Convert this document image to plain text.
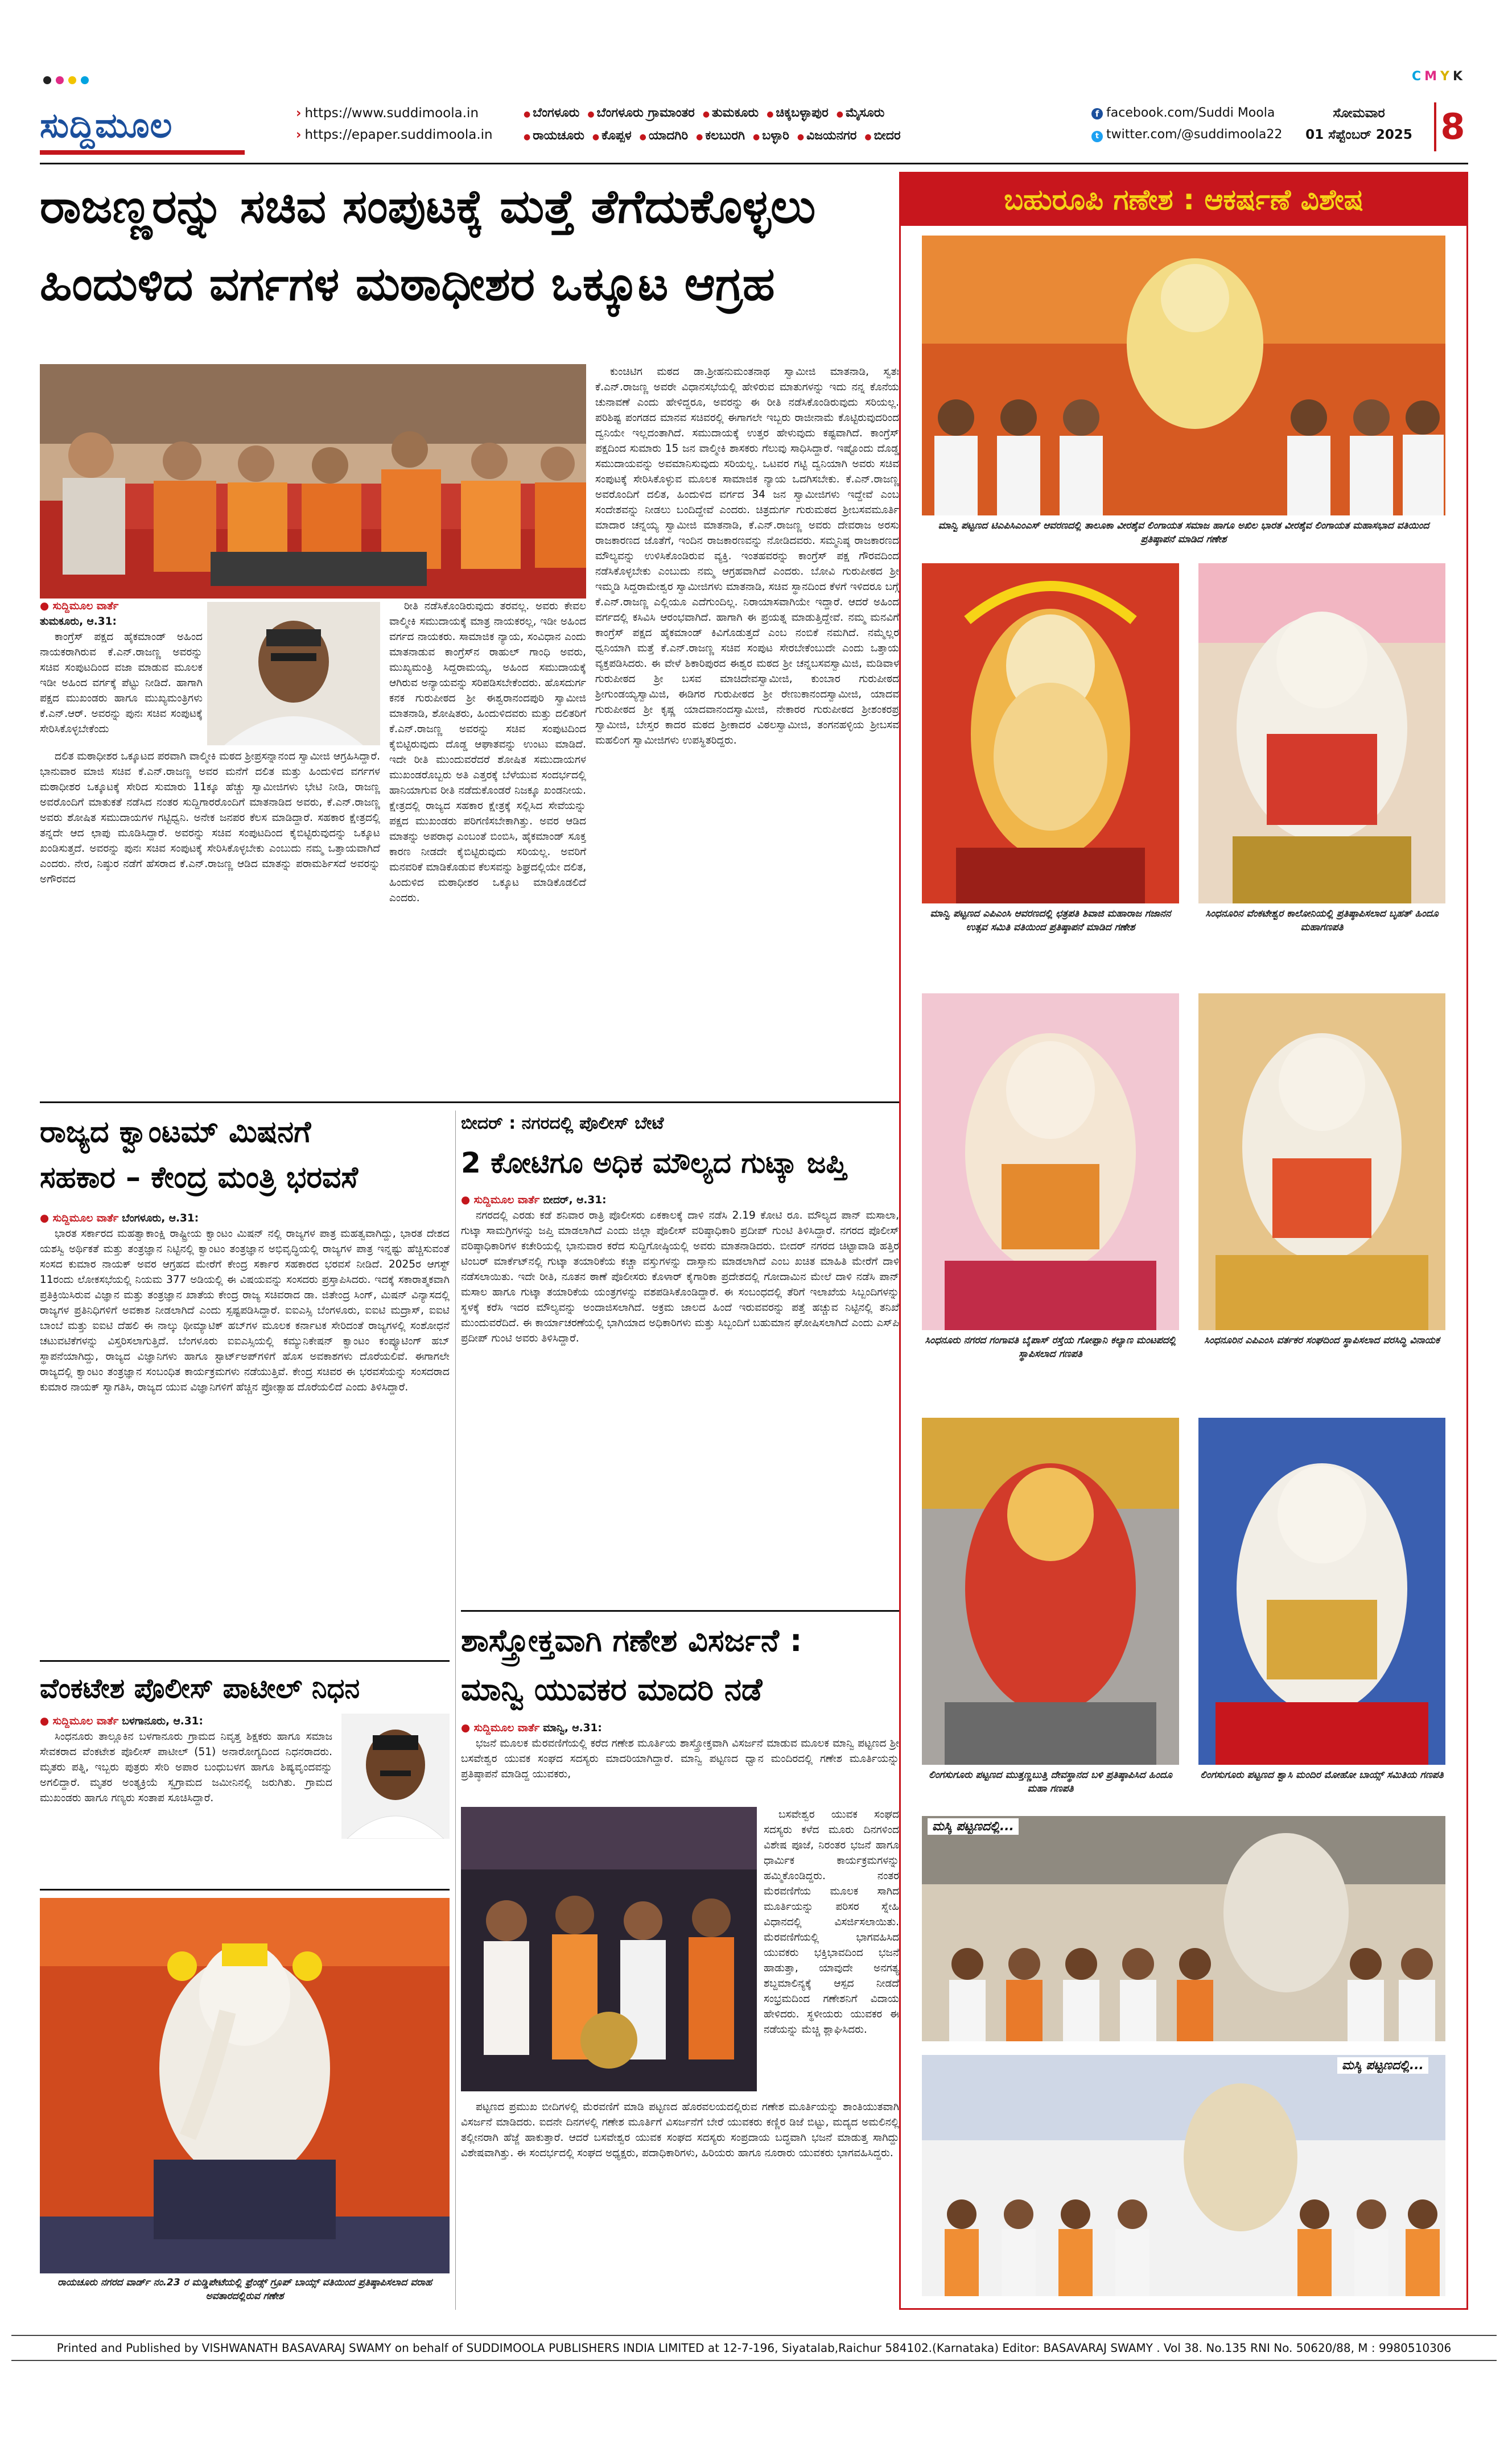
CMYK
ಸುದ್ದಿಮೂಲ	› https://www.suddimoola.in
› https://epaper.suddimoola.in
● ಬೆಂಗಳೂರು ● ಬೆಂಗಳೂರು ಗ್ರಾಮಾಂತರ ● ತುಮಕೂರು ● ಚಿಕ್ಕಬಳ್ಳಾಪುರ ● ಮೈಸೂರು
● ರಾಯಚೂರು ● ಕೊಪ್ಪಳ ● ಯಾದಗಿರಿ ● ಕಲಬುರಗಿ ● ಬಳ್ಳಾರಿ ● ವಿಜಯನಗರ ● ಬೀದರ
f facebook.com/Suddi Moola
t twitter.com/@suddimoola22
ಸೋಮವಾರ
01 ಸೆಪ್ಟೆಂಬರ್ 2025 8
ರಾಜಣ್ಣರನ್ನು ಸಚಿವ ಸಂಪುಟಕ್ಕೆ ಮತ್ತೆ ತೆಗೆದುಕೊಳ್ಳಲು
ಹಿಂದುಳಿದ ವರ್ಗಗಳ ಮಠಾಧೀಶರ ಒಕ್ಕೂಟ ಆಗ್ರಹ
● ಸುದ್ದಿಮೂಲ ವಾರ್ತೆ
ತುಮಕೂರು, ಆ.31:

ಕಾಂಗ್ರೆಸ್ ಪಕ್ಷದ ಹೈಕಮಾಂಡ್ ಅಹಿಂದ ನಾಯಕರಾಗಿರುವ ಕೆ.ಎನ್.ರಾಜಣ್ಣ ಅವರನ್ನು ಸಚಿವ ಸಂಪುಟದಿಂದ ವಜಾ ಮಾಡುವ ಮೂಲಕ ಇಡೀ ಅಹಿಂದ ವರ್ಗಕ್ಕೆ ಪೆಟ್ಟು ನೀಡಿದೆ. ಹಾಗಾಗಿ ಪಕ್ಷದ ಮುಖಂಡರು ಹಾಗೂ ಮುಖ್ಯಮಂತ್ರಿಗಳು ಕೆ.ಎನ್.ಆರ್. ಅವರನ್ನು ಪುನಃ ಸಚಿವ ಸಂಪುಟಕ್ಕೆ ಸೇರಿಸಿಕೊಳ್ಳಬೇಕೆಂದು

ದಲಿತ ಮಠಾಧೀಶರ ಒಕ್ಕೂಟದ ಪರವಾಗಿ ವಾಲ್ಮೀಕಿ ಮಠದ ಶ್ರೀಪ್ರಸನ್ನಾನಂದ ಸ್ವಾಮೀಜಿ ಆಗ್ರಹಿಸಿದ್ದಾರೆ. ಭಾನುವಾರ ಮಾಜಿ ಸಚಿವ ಕೆ.ಎನ್.ರಾಜಣ್ಣ ಅವರ ಮನೆಗೆ ದಲಿತ ಮತ್ತು ಹಿಂದುಳಿದ ವರ್ಗಗಳ ಮಠಾಧೀಶರ ಒಕ್ಕೂಟಕ್ಕೆ ಸೇರಿದ ಸುಮಾರು 11ಕ್ಕೂ ಹೆಚ್ಚು ಸ್ವಾಮೀಜಿಗಳು ಭೇಟಿ ನೀಡಿ, ರಾಜಣ್ಣ ಅವರೊಂದಿಗೆ ಮಾತುಕತೆ ನಡೆಸಿದ ನಂತರ ಸುದ್ದಿಗಾರರೊಂದಿಗೆ ಮಾತನಾಡಿದ ಅವರು, ಕೆ.ಎನ್.ರಾಜಣ್ಣ ಅವರು ಶೋಷಿತ ಸಮುದಾಯಗಳ ಗಟ್ಟಿಧ್ವನಿ. ಅನೇಕ ಜನಪರ ಕೆಲಸ ಮಾಡಿದ್ದಾರೆ. ಸಹಕಾರ ಕ್ಷೇತ್ರದಲ್ಲಿ ತನ್ನದೇ ಆದ ಛಾಪು ಮೂಡಿಸಿದ್ದಾರೆ. ಅವರನ್ನು ಸಚಿವ ಸಂಪುಟದಿಂದ ಕೈಬಿಟ್ಟಿರುವುದನ್ನು ಒಕ್ಕೂಟ ಖಂಡಿಸುತ್ತದೆ. ಅವರನ್ನು ಪುನಃ ಸಚಿವ ಸಂಪುಟಕ್ಕೆ ಸೇರಿಸಿಕೊಳ್ಳಬೇಕು ಎಂಬುದು ನಮ್ಮ ಒತ್ತಾಯವಾಗಿದೆ ಎಂದರು. ನೇರ, ನಿಷ್ಠುರ ನಡೆಗೆ ಹೆಸರಾದ ಕೆ.ಎನ್.ರಾಜಣ್ಣ ಆಡಿದ ಮಾತನ್ನು ಪರಾಮರ್ಶಿಸದೆ ಅವರನ್ನು ಅಗೌರವದ

ರೀತಿ ನಡೆಸಿಕೊಂಡಿರುವುದು ತರವಲ್ಲ. ಅವರು ಕೇವಲ ವಾಲ್ಮೀಕಿ ಸಮುದಾಯಕ್ಕೆ ಮಾತ್ರ ನಾಯಕರಲ್ಲ, ಇಡೀ ಅಹಿಂದ ವರ್ಗದ ನಾಯಕರು. ಸಾಮಾಜಿಕ ನ್ಯಾಯ, ಸಂವಿಧಾನ ಎಂದು ಮಾತನಾಡುವ ಕಾಂಗ್ರೆಸ್‌ನ ರಾಹುಲ್ ಗಾಂಧಿ ಅವರು, ಮುಖ್ಯಮಂತ್ರಿ ಸಿದ್ದರಾಮಯ್ಯ, ಅಹಿಂದ ಸಮುದಾಯಕ್ಕೆ ಆಗಿರುವ ಅನ್ಯಾಯವನ್ನು ಸರಿಪಡಿಸಬೇಕೆಂದರು. ಹೊಸದುರ್ಗ ಕನಕ ಗುರುಪೀಠದ ಶ್ರೀ ಈಶ್ವರಾನಂದಪುರಿ ಸ್ವಾಮೀಜಿ ಮಾತನಾಡಿ, ಶೋಷಿತರು, ಹಿಂದುಳಿದವರು ಮತ್ತು ದಲಿತರಿಗೆ ಕೆ.ಎನ್.ರಾಜಣ್ಣ ಅವರನ್ನು ಸಚಿವ ಸಂಪುಟದಿಂದ ಕೈಬಿಟ್ಟಿರುವುದು ದೊಡ್ಡ ಆಘಾತವನ್ನು ಉಂಟು ಮಾಡಿದೆ. ಇದೇ ರೀತಿ ಮುಂದುವರೆದರೆ ಶೋಷಿತ ಸಮುದಾಯಗಳ ಮುಖಂಡರೊಬ್ಬರು ಅತಿ ಎತ್ತರಕ್ಕೆ ಬೆಳೆಯುವ ಸಂದರ್ಭದಲ್ಲಿ ಹಾನಿಯಾಗುವ ರೀತಿ ನಡೆದುಕೊಂಡರೆ ನಿಜಕ್ಕೂ ಖಂಡನೀಯ. ಕ್ಷೇತ್ರದಲ್ಲಿ ರಾಜ್ಯದ ಸಹಕಾರ ಕ್ಷೇತ್ರಕ್ಕೆ ಸಲ್ಲಿಸಿದ ಸೇವೆಯನ್ನು ಪಕ್ಷದ ಮುಖಂಡರು ಪರಿಗಣಿಸಬೇಕಾಗಿತ್ತು. ಅವರ ಆಡಿದ ಮಾತನ್ನು ಅಪರಾಧ ಎಂಬಂತೆ ಬಿಂಬಿಸಿ, ಹೈಕಮಾಂಡ್ ಸೂಕ್ತ ಕಾರಣ ನೀಡದೇ ಕೈಬಿಟ್ಟಿರುವುದು ಸರಿಯಲ್ಲ. ಅವರಿಗೆ ಮನವರಿಕೆ ಮಾಡಿಕೊಡುವ ಕೆಲಸವನ್ನು ಶಿಘ್ರದಲ್ಲಿಯೇ ದಲಿತ, ಹಿಂದುಳಿದ ಮಠಾಧೀಶರ ಒಕ್ಕೂಟ ಮಾಡಿಕೊಡಲಿದೆ ಎಂದರು.

ಕುಂಚಿಟಿಗ ಮಠದ ಡಾ.ಶ್ರೀಹನುಮಂತನಾಥ ಸ್ವಾಮೀಜಿ ಮಾತನಾಡಿ, ಸ್ವತಃ ಕೆ.ಎನ್.ರಾಜಣ್ಣ ಅವರೇ ವಿಧಾನಸಭೆಯಲ್ಲಿ ಹೇಳಿರುವ ಮಾತುಗಳನ್ನು ಇದು ನನ್ನ ಕೊನೆಯ ಚುನಾವಣೆ ಎಂದು ಹೇಳಿದ್ದರೂ, ಅವರನ್ನು ಈ ರೀತಿ ನಡೆಸಿಕೊಂಡಿರುವುದು ಸರಿಯಲ್ಲ. ಪರಿಶಿಷ್ಟ ಪಂಗಡದ ಮಾನವ ಸಚಿವರಲ್ಲಿ ಈಗಾಗಲೇ ಇಬ್ಬರು ರಾಜೀನಾಮೆ ಕೊಟ್ಟಿರುವುದರಿಂದ ದ್ವನಿಯೇ ಇಲ್ಲದಂತಾಗಿದೆ. ಸಮುದಾಯಕ್ಕೆ ಉತ್ತರ ಹೇಳುವುದು ಕಷ್ಟವಾಗಿದೆ. ಕಾಂಗ್ರೆಸ್ ಪಕ್ಷದಿಂದ ಸುಮಾರು 15 ಜನ ವಾಲ್ಮೀಕಿ ಶಾಸಕರು ಗೆಲುವು ಸಾಧಿಸಿದ್ದಾರೆ. ಇಷ್ಟೊಂದು ದೊಡ್ಡ ಸಮುದಾಯವನ್ನು ಅವಮಾನಿಸುವುದು ಸರಿಯಲ್ಲ. ಒಟವರ ಗಟ್ಟಿ ದ್ವನಿಯಾಗಿ ಅವರು ಸಚಿವ ಸಂಪುಟಕ್ಕೆ ಸೇರಿಸಿಕೊಳ್ಳುವ ಮೂಲಕ ಸಾಮಾಜಿಕ ನ್ಯಾಯ ಒದಗಿಸಬೇಕು. ಕೆ.ಎನ್.ರಾಜಣ್ಣ ಅವರೊಂದಿಗೆ ದಲಿತ, ಹಿಂದುಳಿದ ವರ್ಗದ 34 ಜನ ಸ್ವಾಮೀಜಿಗಳು ಇದ್ದೇವೆ ಎಂಬ ಸಂದೇಶವನ್ನು ನೀಡಲು ಬಂದಿದ್ದೇವೆ ಎಂದರು. ಚಿತ್ರದುರ್ಗ ಗುರುಮಠದ ಶ್ರೀಬಸವಮೂರ್ತಿ ಮಾದಾರ ಚನ್ನಯ್ಯ ಸ್ವಾಮೀಜಿ ಮಾತನಾಡಿ, ಕೆ.ಎನ್.ರಾಜಣ್ಣ ಅವರು ದೇವರಾಜ ಅರಸು ರಾಜಕಾರಣದ ಜೊತೆಗೆ, ಇಂದಿನ ರಾಜಕಾರಣವನ್ನು ನೋಡಿದವರು. ಸಮ್ಮನಿಷ್ಠ ರಾಜಕಾರಣದ ಮೌಲ್ಯವನ್ನು ಉಳಿಸಿಕೊಂಡಿರುವ ವ್ಯಕ್ತಿ. ಇಂತಹವರನ್ನು ಕಾಂಗ್ರೆಸ್ ಪಕ್ಷ ಗೌರವದಿಂದ ನಡೆಸಿಕೊಳ್ಳಬೇಕು ಎಂಬುದು ನಮ್ಮ ಆಗ್ರಹವಾಗಿದೆ ಎಂದರು. ಬೋವಿ ಗುರುಪೀಠದ ಶ್ರೀ ಇಮ್ಮಡಿ ಸಿದ್ದರಾಮೇಶ್ವರ ಸ್ವಾಮೀಜಿಗಳು ಮಾತನಾಡಿ, ಸಚಿವ ಸ್ಥಾನದಿಂದ ಕೆಳಗೆ ಇಳಿದರೂ ಬಗ್ಗೆ ಕೆ.ಎನ್.ರಾಜಣ್ಣ ಎಲ್ಲಿಯೂ ಎದೆಗುಂದಿಲ್ಲ. ನಿರಾಯಾಸವಾಗಿಯೇ ಇದ್ದಾರೆ. ಆದರೆ ಅಹಿಂದ ವರ್ಗದಲ್ಲಿ ಕಸಿವಿಸಿ ಆರಂಭವಾಗಿದೆ. ಹಾಗಾಗಿ ಈ ಪ್ರಯತ್ನ ಮಾಡುತ್ತಿದ್ದೇವೆ. ನಮ್ಮ ಮನವಿಗೆ ಕಾಂಗ್ರೆಸ್ ಪಕ್ಷದ ಹೈಕಮಾಂಡ್ ಕಿವಿಗೊಡುತ್ತದೆ ಎಂಬ ನಂಬಿಕೆ ನಮಗಿದೆ. ನಮ್ಮೆಲ್ಲರ ಧ್ವನಿಯಾಗಿ ಮತ್ತೆ ಕೆ.ಎನ್.ರಾಜಣ್ಣ ಸಚಿವ ಸಂಪುಟ ಸೇರಬೇಕೆಂಬುದೇ ಎಂದು ಒತ್ತಾಯ ವ್ಯಕ್ತಪಡಿಸಿದರು. ಈ ವೇಳೆ ಶಿಕಾರಿಪುರದ ಈಶ್ವರ ಮಠದ ಶ್ರೀ ಚನ್ನಬಸವಸ್ವಾಮಿಜಿ, ಮಡಿವಾಳ ಗುರುಪೀಠದ ಶ್ರೀ ಬಸವ ಮಾಚಿದೇವಸ್ವಾಮೀಜಿ, ಕುಂಬಾರ ಗುರುಪೀಠದ ಶ್ರೀಗುಂಡಯ್ಯಸ್ವಾಮಿಜಿ, ಈಡಿಗರ ಗುರುಪೀಠದ ಶ್ರೀ ರೇಣುಕಾನಂದಸ್ವಾಮೀಜಿ, ಯಾದವ ಗುರುಪೀಠದ ಶ್ರೀ ಕೃಷ್ಣ ಯಾದವಾನಂದಸ್ವಾಮೀಜಿ, ನೇಕಾರರ ಗುರುಪೀಠದ ಶ್ರೀಶಂಕರಪ್ರ ಸ್ವಾಮೀಜಿ, ಬೇಸ್ತರ ಕಾದರ ಮಠದ ಶ್ರೀಕಾದರ ವಿಠಲಸ್ವಾಮೀಜಿ, ತಂಗನಹಳ್ಳಿಯ ಶ್ರೀಬಸವ ಮಹಲಿಂಗ ಸ್ವಾಮೀಜಿಗಳು ಉಪಸ್ಥಿತರಿದ್ದರು.

ರಾಜ್ಯದ ಕ್ವಾಂಟಮ್ ಮಿಷನಗೆ
ಸಹಕಾರ – ಕೇಂದ್ರ ಮಂತ್ರಿ ಭರವಸೆ
● ಸುದ್ದಿಮೂಲ ವಾರ್ತೆ ಬೆಂಗಳೂರು, ಆ.31:

ಭಾರತ ಸರ್ಕಾರದ ಮಹತ್ವಾಕಾಂಕ್ಷಿ ರಾಷ್ಟ್ರೀಯ ಕ್ವಾಂಟಂ ಮಿಷನ್ ನಲ್ಲಿ ರಾಜ್ಯಗಳ ಪಾತ್ರ ಮಹತ್ವವಾಗಿದ್ದು, ಭಾರತ ದೇಶದ ಯಶಸ್ವಿ ಅರ್ಥಿಕತೆ ಮತ್ತು ತಂತ್ರಜ್ಞಾನ ನಿಟ್ಟಿನಲ್ಲಿ ಕ್ವಾಂಟಂ ತಂತ್ರಜ್ಞಾನ ಅಭಿವೃದ್ಧಿಯಲ್ಲಿ ರಾಜ್ಯಗಳ ಪಾತ್ರ ಇನ್ನಷ್ಟು ಹೆಚ್ಚಿಸುವಂತೆ ಸಂಸದ ಕುಮಾರ ನಾಯಕ್ ಅವರ ಆಗ್ರಹದ ಮೇರೆಗೆ ಕೇಂದ್ರ ಸರ್ಕಾರ ಸಹಕಾರದ ಭರವಸೆ ನೀಡಿದೆ. 2025ರ ಆಗಸ್ಟ್ 11ರಂದು ಲೋಕಸಭೆಯಲ್ಲಿ ನಿಯಮ 377 ಅಡಿಯಲ್ಲಿ ಈ ವಿಷಯವನ್ನು ಸಂಸದರು ಪ್ರಸ್ತಾಪಿಸಿದರು. ಇದಕ್ಕೆ ಸಕಾರಾತ್ಮಕವಾಗಿ ಪ್ರತಿಕ್ರಿಯಿಸಿರುವ ವಿಜ್ಞಾನ ಮತ್ತು ತಂತ್ರಜ್ಞಾನ ಖಾತೆಯ ಕೇಂದ್ರ ರಾಜ್ಯ ಸಚಿವರಾದ ಡಾ. ಜಿತೇಂದ್ರ ಸಿಂಗ್, ಮಿಷನ್ ವಿನ್ಯಾಸದಲ್ಲಿ ರಾಜ್ಯಗಳ ಪ್ರತಿನಿಧಿಗಳಿಗೆ ಅವಕಾಶ ನೀಡಲಾಗಿದೆ ಎಂದು ಸ್ಪಷ್ಟಪಡಿಸಿದ್ದಾರೆ. ಐಐಎಸ್ಸಿ ಬೆಂಗಳೂರು, ಐಐಟಿ ಮದ್ರಾಸ್, ಐಐಟಿ ಬಾಂಬೆ ಮತ್ತು ಐಐಟಿ ದೆಹಲಿ ಈ ನಾಲ್ಕು ಥೀಮ್ಯಾಟಿಕ್ ಹಬ್‌ಗಳ ಮೂಲಕ ಕರ್ನಾಟಕ ಸೇರಿದಂತೆ ರಾಜ್ಯಗಳಲ್ಲಿ ಸಂಶೋಧನೆ ಚಟುವಟಿಕೆಗಳನ್ನು ವಿಸ್ತರಿಸಲಾಗುತ್ತಿದೆ. ಬೆಂಗಳೂರು ಐಐಎಸ್ಸಿಯಲ್ಲಿ ಕಮ್ಯುನಿಕೇಷನ್ ಕ್ವಾಂಟಂ ಕಂಪ್ಯೂಟಿಂಗ್ ಹಬ್ ಸ್ಥಾಪನೆಯಾಗಿದ್ದು, ರಾಜ್ಯದ ವಿಜ್ಞಾನಿಗಳು ಹಾಗೂ ಸ್ಟಾರ್ಟ್‌ಅಪ್‌ಗಳಿಗೆ ಹೊಸ ಅವಕಾಶಗಳು ದೊರೆಯಲಿವೆ. ಈಗಾಗಲೇ ರಾಜ್ಯದಲ್ಲಿ ಕ್ವಾಂಟಂ ತಂತ್ರಜ್ಞಾನ ಸಂಬಂಧಿತ ಕಾರ್ಯಕ್ರಮಗಳು ನಡೆಯುತ್ತಿವೆ. ಕೇಂದ್ರ ಸಚಿವರ ಈ ಭರವಸೆಯನ್ನು ಸಂಸದರಾದ ಕುಮಾರ ನಾಯಕ್ ಸ್ವಾಗತಿಸಿ, ರಾಜ್ಯದ ಯುವ ವಿಜ್ಞಾನಿಗಳಿಗೆ ಹೆಚ್ಚಿನ ಪ್ರೋತ್ಸಾಹ ದೊರೆಯಲಿದೆ ಎಂದು ತಿಳಿಸಿದ್ದಾರೆ.

ವೆಂಕಟೇಶ ಪೊಲೀಸ್ ಪಾಟೀಲ್ ನಿಧನ
● ಸುದ್ದಿಮೂಲ ವಾರ್ತೆ ಬಳಗಾನೂರು, ಆ.31:

ಸಿಂಧನೂರು ತಾಲ್ಲೂಕಿನ ಬಳಗಾನೂರು ಗ್ರಾಮದ ನಿವೃತ್ತ ಶಿಕ್ಷಕರು ಹಾಗೂ ಸಮಾಜ ಸೇವಕರಾದ ವೆಂಕಟೇಶ ಪೊಲೀಸ್ ಪಾಟೀಲ್ (51) ಅನಾರೋಗ್ಯದಿಂದ ನಿಧನರಾದರು. ಮೃತರು ಪತ್ನಿ, ಇಬ್ಬರು ಪುತ್ರರು ಸೇರಿ ಅಪಾರ ಬಂಧುಬಳಗ ಹಾಗೂ ಶಿಷ್ಯವೃಂದವನ್ನು ಅಗಲಿದ್ದಾರೆ. ಮೃತರ ಅಂತ್ಯಕ್ರಿಯೆ ಸ್ವಗ್ರಾಮದ ಜಮೀನಿನಲ್ಲಿ ಜರುಗಿತು. ಗ್ರಾಮದ ಮುಖಂಡರು ಹಾಗೂ ಗಣ್ಯರು ಸಂತಾಪ ಸೂಚಿಸಿದ್ದಾರೆ.

ರಾಯಚೂರು ನಗರದ ವಾರ್ಡ್ ನಂ.23 ರ ಮಡ್ಡಿಪೇಟೆಯಲ್ಲಿ ಫ್ರೆಂಡ್ಸ್ ಗ್ರೂಪ್ ಬಾಯ್ಸ್ ವತಿಯಿಂದ ಪ್ರತಿಷ್ಠಾಪಿಸಲಾದ ವರಾಹ ಅವತಾರದಲ್ಲಿರುವ ಗಣೇಶ
ಬೀದರ್ : ನಗರದಲ್ಲಿ ಪೊಲೀಸ್ ಬೇಟೆ
2 ಕೋಟಿಗೂ ಅಧಿಕ ಮೌಲ್ಯದ ಗುಟ್ಕಾ ಜಪ್ತಿ
● ಸುದ್ದಿಮೂಲ ವಾರ್ತೆ ಬೀದರ್, ಆ.31:

ನಗರದಲ್ಲಿ ಎರಡು ಕಡೆ ಶನಿವಾರ ರಾತ್ರಿ ಪೊಲೀಸರು ಏಕಕಾಲಕ್ಕೆ ದಾಳಿ ನಡೆಸಿ 2.19 ಕೋಟಿ ರೂ. ಮೌಲ್ಯದ ಪಾನ್ ಮಸಾಲಾ, ಗುಟ್ಕಾ ಸಾಮಗ್ರಿಗಳನ್ನು ಜಪ್ತಿ ಮಾಡಲಾಗಿದೆ ಎಂದು ಜಿಲ್ಲಾ ಪೊಲೀಸ್ ವರಿಷ್ಠಾಧಿಕಾರಿ ಪ್ರದೀಪ್ ಗುಂಟಿ ತಿಳಿಸಿದ್ದಾರೆ. ನಗರದ ಪೊಲೀಸ್ ವರಿಷ್ಠಾಧಿಕಾರಿಗಳ ಕಚೇರಿಯಲ್ಲಿ ಭಾನುವಾರ ಕರೆದ ಸುದ್ದಿಗೋಷ್ಠಿಯಲ್ಲಿ ಅವರು ಮಾತನಾಡಿದರು. ಬೀದರ್ ನಗರದ ಚಿಟ್ಟಾವಾಡಿ ಹತ್ತಿರ ಟಿಂಬರ್ ಮಾರ್ಕೆಟ್‌ನಲ್ಲಿ ಗುಟ್ಕಾ ತಯಾರಿಕೆಯ ಕಚ್ಚಾ ವಸ್ತುಗಳನ್ನು ದಾಸ್ತಾನು ಮಾಡಲಾಗಿದೆ ಎಂಬ ಖಚಿತ ಮಾಹಿತಿ ಮೇರೆಗೆ ದಾಳಿ ನಡೆಸಲಾಯಿತು. ಇದೇ ರೀತಿ, ನೂತನ ಠಾಣೆ ಪೊಲೀಸರು ಕೊಳಾರ್ ಕೈಗಾರಿಕಾ ಪ್ರದೇಶದಲ್ಲಿ ಗೋದಾಮಿನ ಮೇಲೆ ದಾಳಿ ನಡೆಸಿ ಪಾನ್ ಮಸಾಲ ಹಾಗೂ ಗುಟ್ಕಾ ತಯಾರಿಕೆಯ ಯಂತ್ರಗಳನ್ನು ವಶಪಡಿಸಿಕೊಂಡಿದ್ದಾರೆ. ಈ ಸಂಬಂಧದಲ್ಲಿ ತೆರಿಗೆ ಇಲಾಖೆಯ ಸಿಬ್ಬಂದಿಗಳನ್ನು ಸ್ಥಳಕ್ಕೆ ಕರೆಸಿ ಇದರ ಮೌಲ್ಯವನ್ನು ಅಂದಾಜಿಸಲಾಗಿದೆ. ಅಕ್ರಮ ಜಾಲದ ಹಿಂದೆ ಇರುವವರನ್ನು ಪತ್ತೆ ಹಚ್ಚುವ ನಿಟ್ಟಿನಲ್ಲಿ ತನಿಖೆ ಮುಂದುವರೆದಿದೆ. ಈ ಕಾರ್ಯಾಚರಣೆಯಲ್ಲಿ ಭಾಗಿಯಾದ ಅಧಿಕಾರಿಗಳು ಮತ್ತು ಸಿಬ್ಬಂದಿಗೆ ಬಹುಮಾನ ಘೋಷಿಸಲಾಗಿದೆ ಎಂದು ಎಸ್‌ಪಿ ಪ್ರದೀಪ್ ಗುಂಟಿ ಅವರು ತಿಳಿಸಿದ್ದಾರೆ.

ಶಾಸ್ತ್ರೋಕ್ತವಾಗಿ ಗಣೇಶ ವಿಸರ್ಜನೆ :
ಮಾನ್ವಿ ಯುವಕರ ಮಾದರಿ ನಡೆ
● ಸುದ್ದಿಮೂಲ ವಾರ್ತೆ ಮಾನ್ವಿ, ಆ.31:

ಭಜನೆ ಮೂಲಕ ಮೆರವಣಿಗೆಯಲ್ಲಿ ಕರೆದ ಗಣೇಶ ಮೂರ್ತಿಯ ಶಾಸ್ತ್ರೋಕ್ತವಾಗಿ ವಿಸರ್ಜನೆ ಮಾಡುವ ಮೂಲಕ ಮಾನ್ವಿ ಪಟ್ಟಣದ ಶ್ರೀ ಬಸವೇಶ್ವರ ಯುವಕ ಸಂಘದ ಸದಸ್ಯರು ಮಾದರಿಯಾಗಿದ್ದಾರೆ. ಮಾನ್ವಿ ಪಟ್ಟಣದ ಧ್ವಾನ ಮಂದಿರದಲ್ಲಿ ಗಣೇಶ ಮೂರ್ತಿಯನ್ನು ಪ್ರತಿಷ್ಠಾಪನೆ ಮಾಡಿದ್ದ ಯುವಕರು,

ಬಸವೇಶ್ವರ ಯುವಕ ಸಂಘದ ಸದಸ್ಯರು ಕಳೆದ ಮೂರು ದಿನಗಳಿಂದ ವಿಶೇಷ ಪೂಜೆ, ನಿರಂತರ ಭಜನೆ ಹಾಗೂ ಧಾರ್ಮಿಕ ಕಾರ್ಯಕ್ರಮಗಳನ್ನು ಹಮ್ಮಿಕೊಂಡಿದ್ದರು. ನಂತರ ಮೆರವಣಿಗೆಯ ಮೂಲಕ ಸಾಗಿದ ಮೂರ್ತಿಯನ್ನು ಪರಿಸರ ಸ್ನೇಹಿ ವಿಧಾನದಲ್ಲಿ ವಿಸರ್ಜಿಸಲಾಯಿತು. ಮೆರವಣಿಗೆಯಲ್ಲಿ ಭಾಗವಹಿಸಿದ ಯುವಕರು ಭಕ್ತಿಭಾವದಿಂದ ಭಜನೆ ಹಾಡುತ್ತಾ, ಯಾವುದೇ ಅನಗತ್ಯ ಶಬ್ದಮಾಲಿನ್ಯಕ್ಕೆ ಆಸ್ಪದ ನೀಡದೆ ಸಂಭ್ರಮದಿಂದ ಗಣೇಶನಿಗೆ ವಿದಾಯ ಹೇಳಿದರು. ಸ್ಥಳೀಯರು ಯುವಕರ ಈ ನಡೆಯನ್ನು ಮೆಚ್ಚಿ ಶ್ಲಾಘಿಸಿದರು.

ಪಟ್ಟಣದ ಪ್ರಮುಖ ಬೀದಿಗಳಲ್ಲಿ ಮೆರವಣಿಗೆ ಮಾಡಿ ಪಟ್ಟಣದ ಹೊರವಲಯದಲ್ಲಿರುವ ಗಣೇಶ ಮೂರ್ತಿಯನ್ನು ಶಾಂತಿಯುತವಾಗಿ ವಿಸರ್ಜನೆ ಮಾಡಿದರು. ಐದನೇ ದಿನಗಳಲ್ಲಿ ಗಣೇಶ ಮೂರ್ತಿಗೆ ವಿಸರ್ಜನೆಗೆ ಬೇರೆ ಯುವಕರು ಕಣ್ಣಿರ ಡಿಜೆ ಬಿಟ್ಟು, ಮದ್ಯದ ಅಮಲಿನಲ್ಲಿ ತಲ್ಲೀನರಾಗಿ ಹೆಜ್ಜೆ ಹಾಕುತ್ತಾರೆ. ಆದರೆ ಬಸವೇಶ್ವರ ಯುವಕ ಸಂಘದ ಸದಸ್ಯರು ಸಂಪ್ರದಾಯ ಬದ್ಧವಾಗಿ ಭಜನೆ ಮಾಡುತ್ತ ಸಾಗಿದ್ದು ವಿಶೇಷವಾಗಿತ್ತು. ಈ ಸಂದರ್ಭದಲ್ಲಿ ಸಂಘದ ಅಧ್ಯಕ್ಷರು, ಪದಾಧಿಕಾರಿಗಳು, ಹಿರಿಯರು ಹಾಗೂ ನೂರಾರು ಯುವಕರು ಭಾಗವಹಿಸಿದ್ದರು.

ಬಹುರೂಪಿ ಗಣೇಶ : ಆಕರ್ಷಣೆ ವಿಶೇಷ
ಮಾನ್ವಿ ಪಟ್ಟಣದ ಟಿಎಪಿಸಿಎಂಎಸ್ ಆವರಣದಲ್ಲಿ ತಾಲೂಕಾ ವೀರಶೈವ ಲಿಂಗಾಯತ ಸಮಾಜ ಹಾಗೂ ಅಖಿಲ ಭಾರತ ವೀರಶೈವ ಲಿಂಗಾಯತ ಮಹಾಸಭಾದ ವತಿಯಿಂದ ಪ್ರತಿಷ್ಠಾಪನೆ ಮಾಡಿದ ಗಣೇಶ
ಮಾನ್ವಿ ಪಟ್ಟಣದ ಎಪಿಎಂಸಿ ಆವರಣದಲ್ಲಿ ಛತ್ರಪತಿ ಶಿವಾಜಿ ಮಹಾರಾಜ ಗಜಾನನ ಉತ್ಸವ ಸಮಿತಿ ವತಿಯಿಂದ ಪ್ರತಿಷ್ಠಾಪನೆ ಮಾಡಿದ ಗಣೇಶ
ಸಿಂಧನೂರಿನ ವೆಂಕಟೇಶ್ವರ ಕಾಲೋನಿಯಲ್ಲಿ ಪ್ರತಿಷ್ಠಾಪಿಸಲಾದ ಬೃಹತ್ ಹಿಂದೂ ಮಹಾಗಣಪತಿ
ಸಿಂಧನೂರು ನಗರದ ಗಂಗಾವತಿ ಬೈಪಾಸ್ ರಸ್ತೆಯ ಗೋಪ್ಪಾನಿ ಕಲ್ಯಾಣ ಮಂಟಪದಲ್ಲಿ ಸ್ಥಾಪಿಸಲಾದ ಗಣಪತಿ
ಸಿಂಧನೂರಿನ ಎಪಿಎಂಸಿ ವರ್ತಕರ ಸಂಘದಿಂದ ಸ್ಥಾಪಿಸಲಾದ ವರಸಿದ್ಧಿ ವಿನಾಯಕ
ಲಿಂಗಸುಗೂರು ಪಟ್ಟಣದ ಮುತ್ತಣ್ಣಬುತ್ತಿ ದೇವಸ್ಥಾನದ ಬಳಿ ಪ್ರತಿಷ್ಠಾಪಿಸಿದ ಹಿಂದೂ ಮಹಾ ಗಣಪತಿ
ಲಿಂಗಸುಗೂರು ಪಟ್ಟಣದ ಶ್ವಾಸಿ ಮಂದಿರ ಮೋಹೋ ಬಾಯ್ಸ್ ಸಮಿತಿಯ ಗಣಪತಿ
ಮಸ್ಕಿ ಪಟ್ಟಣದಲ್ಲಿ...
ಮಸ್ಕಿ ಪಟ್ಟಣದಲ್ಲಿ...
Printed and Published by VISHWANATH BASAVARAJ SWAMY on behalf of SUDDIMOOLA PUBLISHERS INDIA LIMITED at 12-7-196, Siyatalab,Raichur 584102.(Karnataka) Editor: BASAVARAJ SWAMY . Vol 38. No.135 RNI No. 50620/88, M : 9980510306
